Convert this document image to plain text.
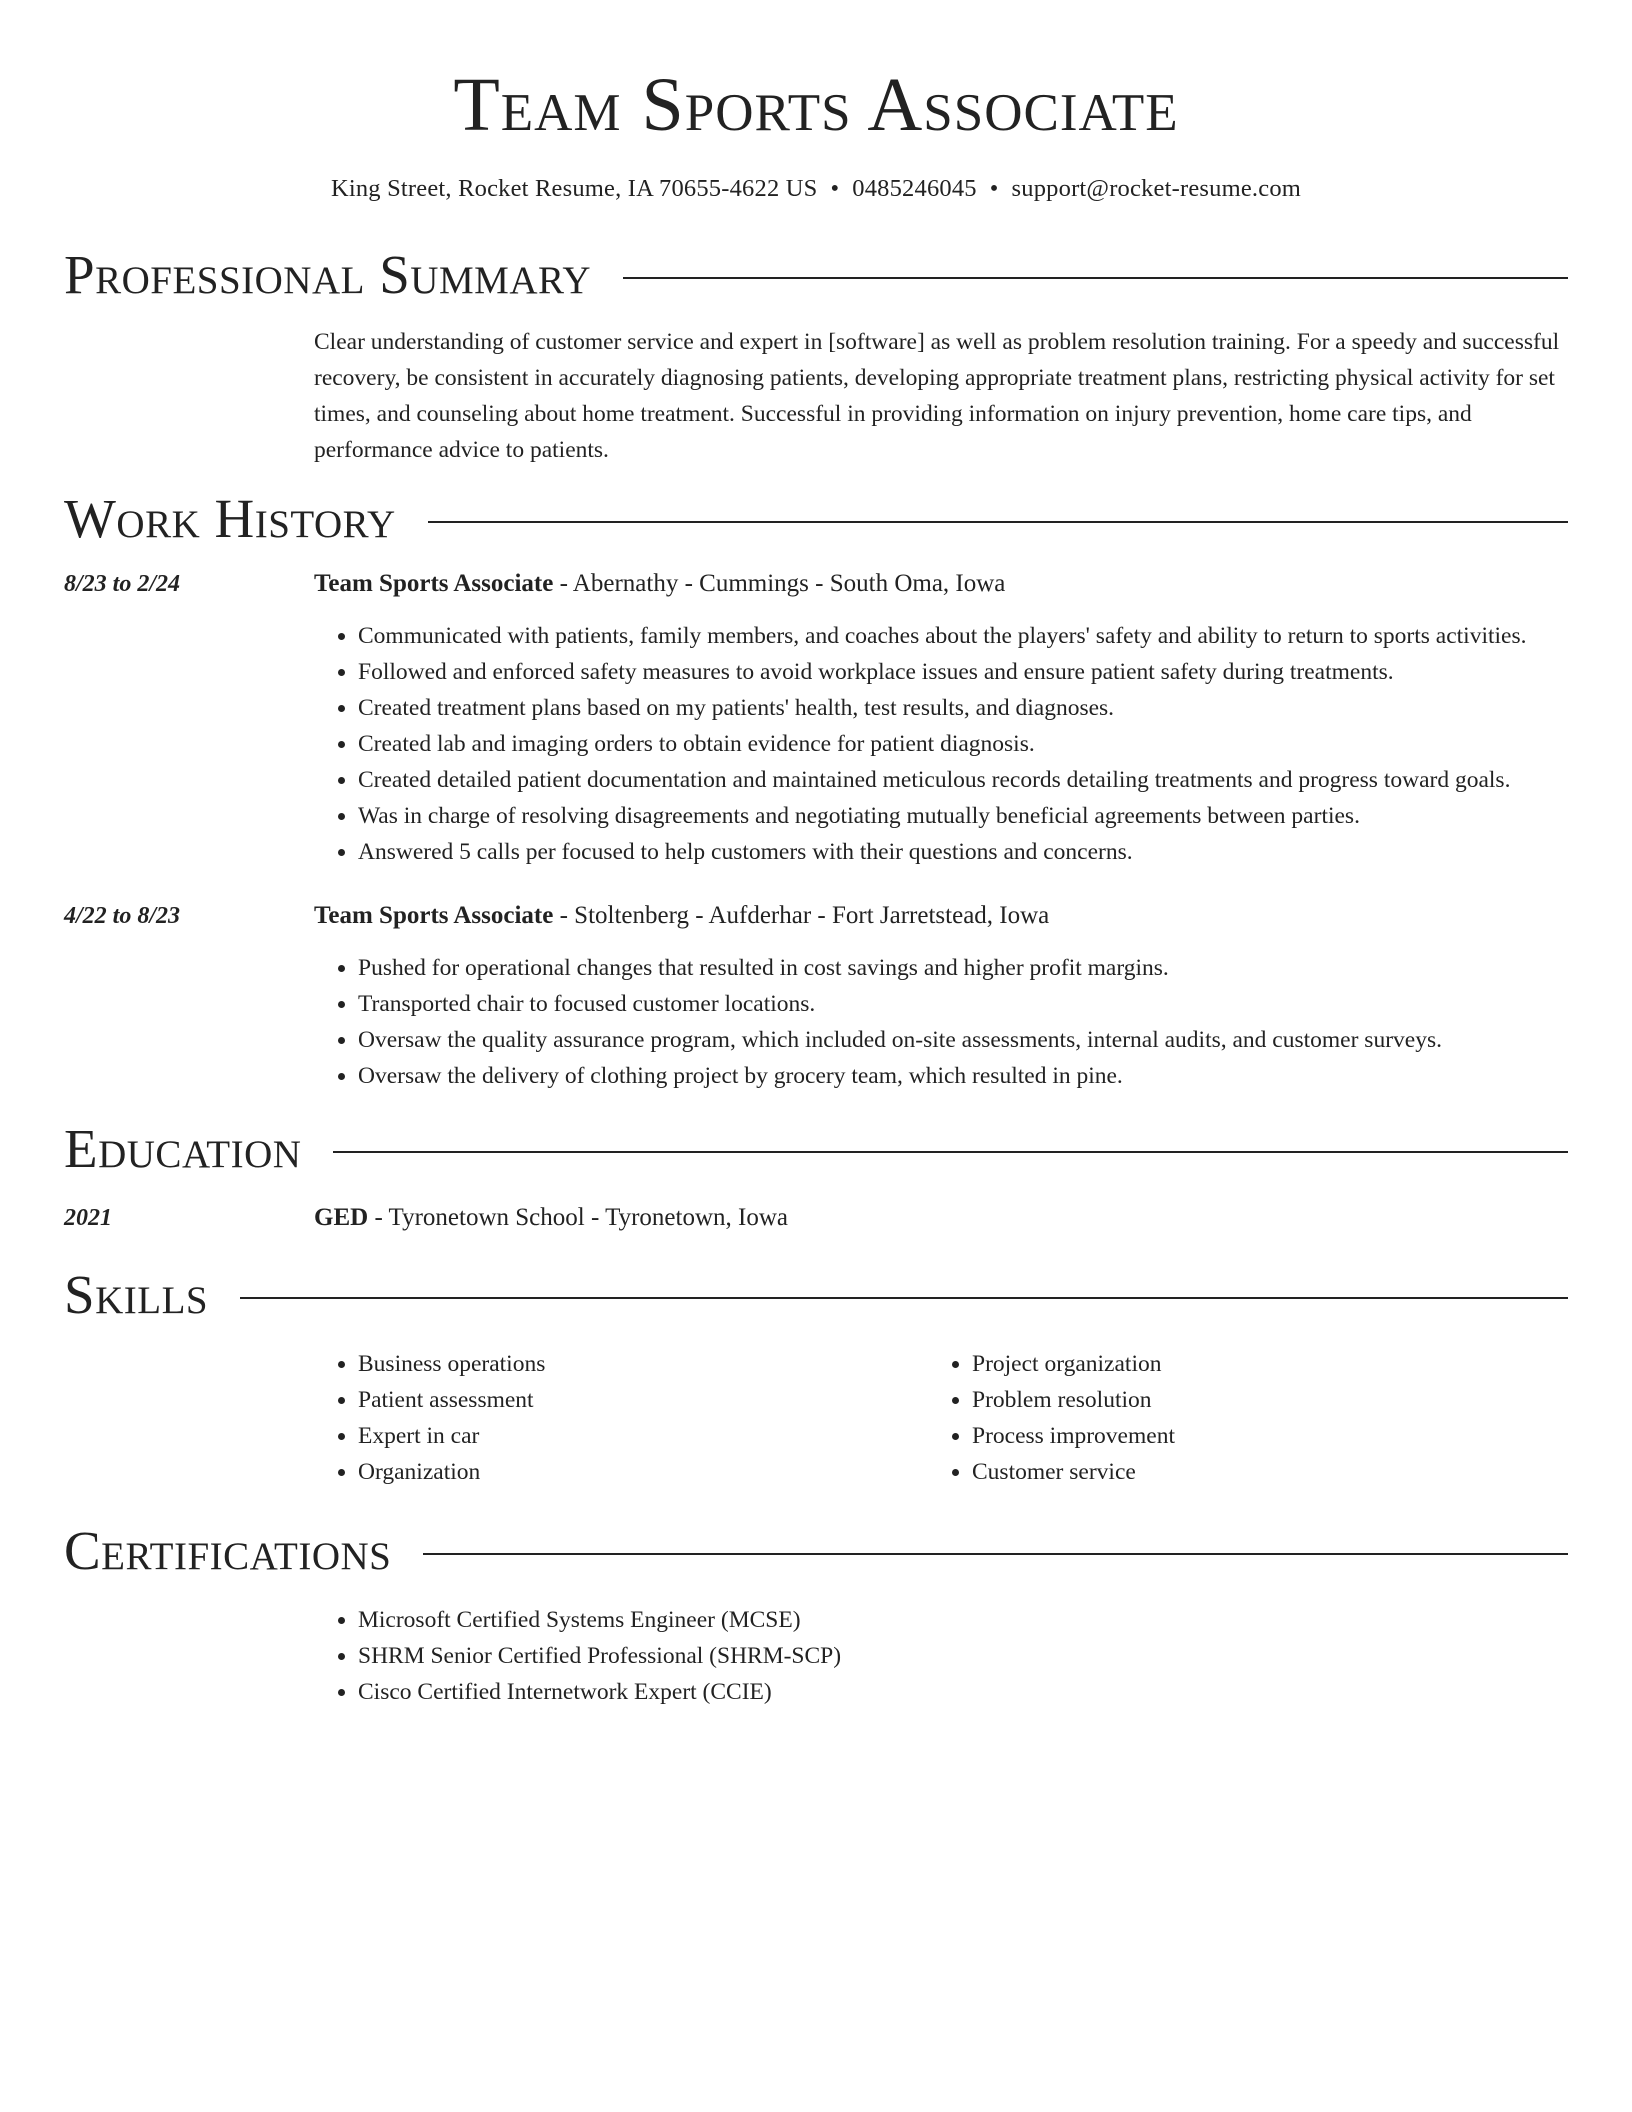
Team Sports Associate
King Street, Rocket Resume, IA 70655-4622 US • 0485246045 • support@rocket-resume.com
Professional Summary

Clear understanding of customer service and expert in [software] as well as problem resolution training. For a speedy and successful recovery, be consistent in accurately diagnosing patients, developing appropriate treatment plans, restricting physical activity for set times, and counseling about home treatment. Successful in providing information on injury prevention, home care tips, and performance advice to patients.

Work History
8/23 to 2/24	Team Sports Associate - Abernathy - Cummings - South Oma, Iowa
• Communicated with patients, family members, and coaches about the players' safety and ability to return to sports activities.
• Followed and enforced safety measures to avoid workplace issues and ensure patient safety during treatments.
• Created treatment plans based on my patients' health, test results, and diagnoses.
• Created lab and imaging orders to obtain evidence for patient diagnosis.
• Created detailed patient documentation and maintained meticulous records detailing treatments and progress toward goals.
• Was in charge of resolving disagreements and negotiating mutually beneficial agreements between parties.
• Answered 5 calls per focused to help customers with their questions and concerns.
4/22 to 8/23	Team Sports Associate - Stoltenberg - Aufderhar - Fort Jarretstead, Iowa
• Pushed for operational changes that resulted in cost savings and higher profit margins.
• Transported chair to focused customer locations.
• Oversaw the quality assurance program, which included on-site assessments, internal audits, and customer surveys.
• Oversaw the delivery of clothing project by grocery team, which resulted in pine.
Education
2021	GED - Tyronetown School - Tyronetown, Iowa
Skills
• Business operations
• Patient assessment
• Expert in car
• Organization
• Project organization
• Problem resolution
• Process improvement
• Customer service
Certifications
• Microsoft Certified Systems Engineer (MCSE)
• SHRM Senior Certified Professional (SHRM-SCP)
• Cisco Certified Internetwork Expert (CCIE)
